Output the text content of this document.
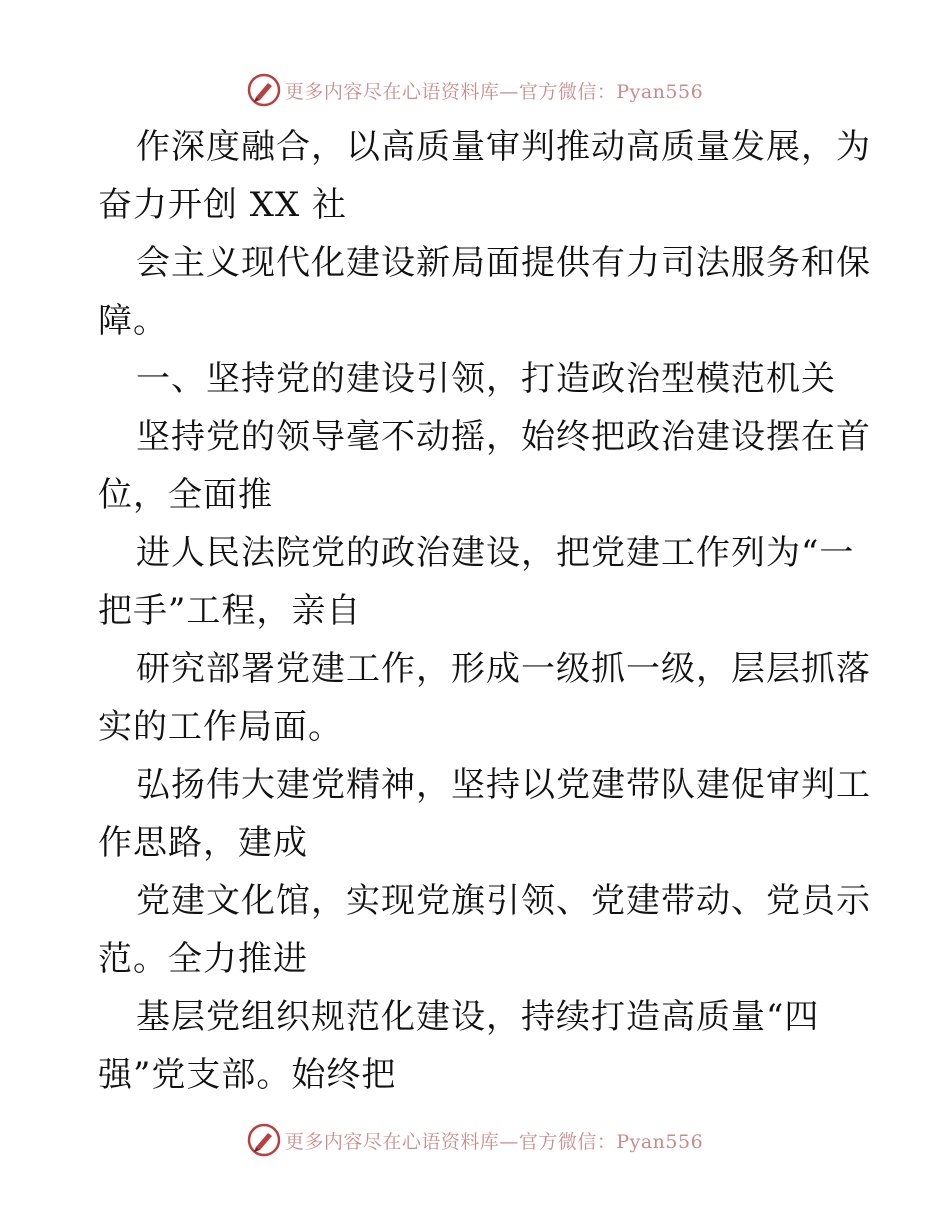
更多内容尽在心语资料库—官方微信：Pyan556

作深度融合，以高质量审判推动高质量发展，为
奋力开创 XX 社

会主义现代化建设新局面提供有力司法服务和保
障。

一、坚持党的建设引领，打造政治型模范机关

坚持党的领导毫不动摇，始终把政治建设摆在首
位，全面推

进人民法院党的政治建设，把党建工作列为“一
把手”工程，亲自

研究部署党建工作，形成一级抓一级，层层抓落
实的工作局面。

弘扬伟大建党精神，坚持以党建带队建促审判工
作思路，建成

党建文化馆，实现党旗引领、党建带动、党员示
范。全力推进

基层党组织规范化建设，持续打造高质量“四
强”党支部。始终把

更多内容尽在心语资料库—官方微信：Pyan556
